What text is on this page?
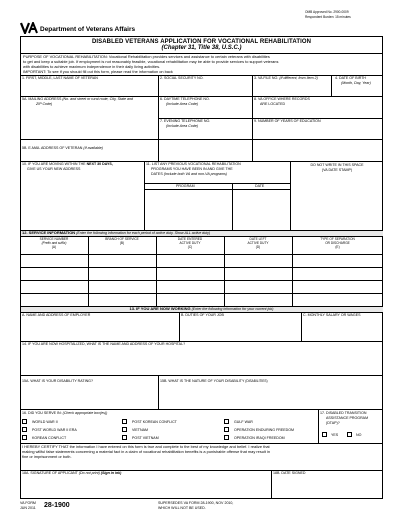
OMB Approved No. 2900-0009
Respondent Burden: 15 minutes
Department of Veterans Affairs
DISABLED VETERANS APPLICATION FOR VOCATIONAL REHABILITATION
(Chapter 31, Title 38, U.S.C.)
PURPOSE OF VOCATIONAL REHABILITATION: Vocational Rehabilitation provides services and assistance to certain veterans with disabilities
to get and keep a suitable job. If employment is not reasonably feasible, vocational rehabilitation may be able to provide services to support veterans
with disabilities to achieve maximum independence in their daily living activities.
IMPORTANT: To see if you should fill out this form, please read the information on back
1. FIRST, MIDDLE, LAST NAME OF VETERAN	2. SOCIAL SECURITY NO.	3. VA FILE NO. (If different, from Item 2)	4. DATE OF BIRTH
(Month, Day, Year)
5A. MAILING ADDRESS (No. and street or rural route, City, State and
ZIP Code)
6. DAYTIME TELEPHONE NO.
(Include Area Code)
8. VA OFFICE WHERE RECORDS
ARE LOCATED
7. EVENING TELEPHONE NO.
(Include Area Code)
9. NUMBER OF YEARS OF EDUCATION
5B. E-MAIL ADDRESS OF VETERAN (If available)
10. IF YOU ARE MOVING WITHIN THE NEXT 30 DAYS,
GIVE US YOUR NEW ADDRESS
11. LIST ANY PREVIOUS VOCATIONAL REHABILITATION
PROGRAMS YOU HAVE BEEN IN AND GIVE THE
DATES (Include both VA and non-VA programs)
PROGRAM	DATE
DO NOT WRITE IN THIS SPACE
(VA DATE STAMP)
12. SERVICE INFORMATION (Enter the following information for each period of active duty. Show ALL active duty)
SERVICE NUMBER
(Prefix and suffix)
(A)
BRANCH OF SERVICE
(B)
DATE ENTERED
ACTIVE DUTY
(C)
DATE LEFT
ACTIVE DUTY
(D)
TYPE OF SEPARATION
OR DISCHARGE
(E)
13. IF YOU ARE NOW WORKING (Enter the following information for your current job)
A. NAME AND ADDRESS OF EMPLOYER	B. DUTIES OF YOUR JOB	C. MONTHLY SALARY OR WAGES
14. IF YOU ARE NOW HOSPITALIZED, WHAT IS THE NAME AND ADDRESS OF YOUR HOSPITAL?
15A. WHAT IS YOUR DISABILITY RATING?	15B. WHAT IS THE NATURE OF YOUR DISABILITY (DISABILITIES)
16. DID YOU SERVE IN: (Check appropriate box(es))
WORLD WAR II
POST WORLD WAR II ERA
KOREAN CONFLICT
POST KOREAN CONFLICT
VIETNAM
POST VIETNAM
GULF WAR
OPERATION ENDURING FREEDOM
OPERATION IRAQI FREEDOM
17. DISABLED TRANSITION
ASSISTANCE PROGRAM
(DTAP)?
YES	NO
I HEREBY CERTIFY THAT the information I have entered on this form is true and complete to the best of my knowledge and belief. I realize that
making willful false statements concerning a material fact in a claim of vocational rehabilitation benefits is a punishable offense that may result in
fine or imprisonment or both.
18A. SIGNATURE OF APPLICANT (Do not print) (Sign in ink)	18B. DATE SIGNED
VA FORM
JUN 2011 28-1900	SUPERSEDES VA FORM 28-1900, NOV 2010,
WHICH WILL NOT BE USED.
